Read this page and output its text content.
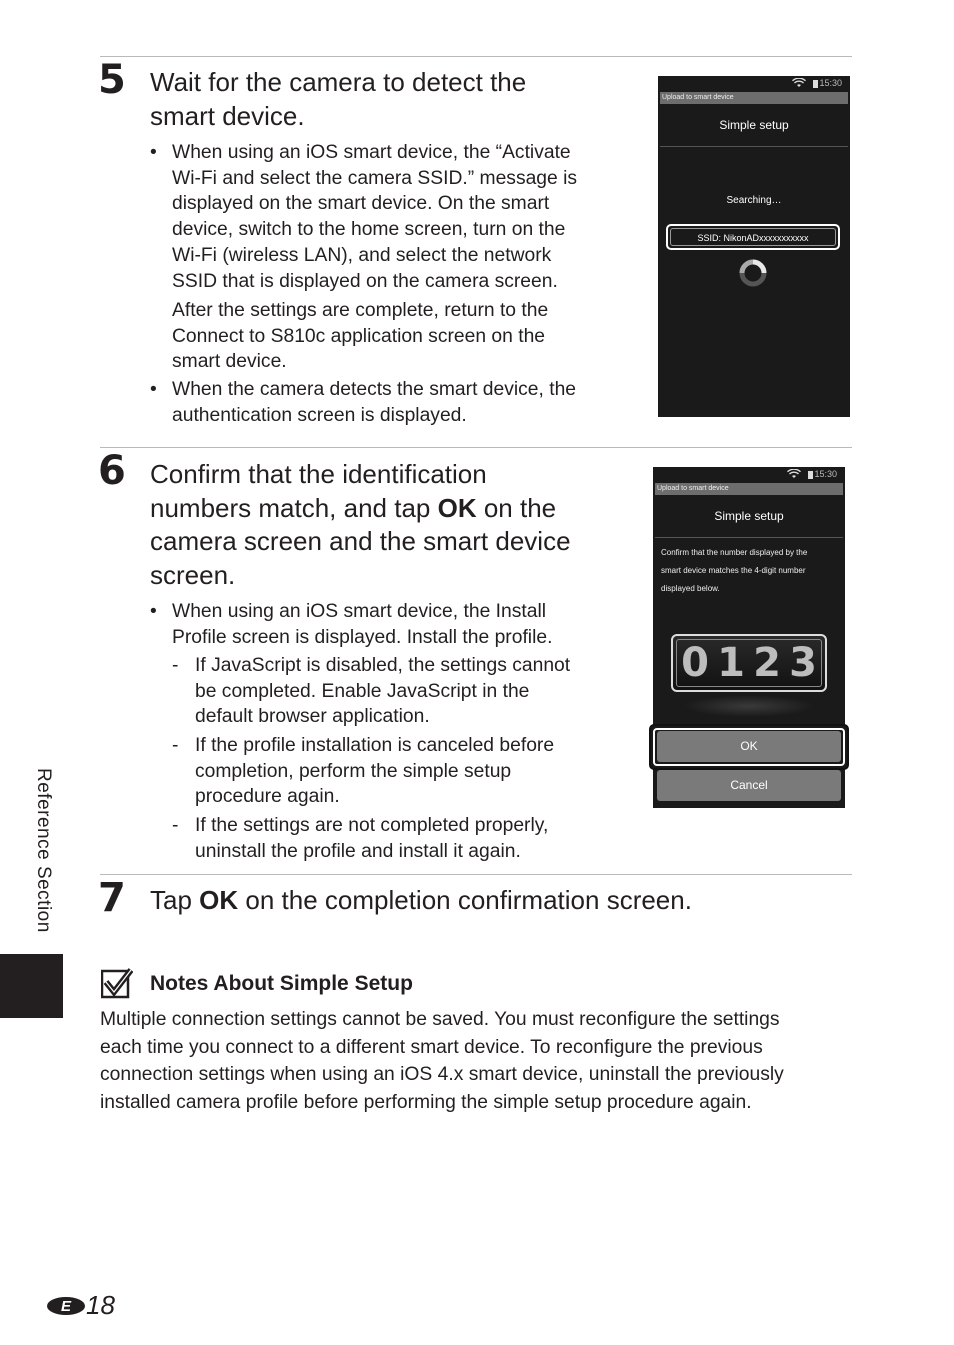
5 Wait for the camera to detect the
smart device.
• When using an iOS smart device, the “Activate
Wi-Fi and select the camera SSID.” message is
displayed on the smart device. On the smart
device, switch to the home screen, turn on the
Wi-Fi (wireless LAN), and select the network
SSID that is displayed on the camera screen.
After the settings are complete, return to the
Connect to S810c application screen on the
smart device.
• When the camera detects the smart device, the
authentication screen is displayed.
15:30
Upload to smart device
Simple setup
Searching…
SSID: NikonADxxxxxxxxxxx
6 Confirm that the identification
numbers match, and tap OK on the
camera screen and the smart device
screen.
• When using an iOS smart device, the Install
Profile screen is displayed. Install the profile.
- If JavaScript is disabled, the settings cannot
be completed. Enable JavaScript in the
default browser application.
- If the profile installation is canceled before
completion, perform the simple setup
procedure again.
- If the settings are not completed properly,
uninstall the profile and install it again.
15:30
Upload to smart device
Simple setup
Confirm that the number displayed by the
smart device matches the 4-digit number
displayed below.
0 1 2 3
OK
Cancel
7 Tap OK on the completion confirmation screen.
Notes About Simple Setup
Multiple connection settings cannot be saved. You must reconfigure the settings
each time you connect to a different smart device. To reconfigure the previous
connection settings when using an iOS 4.x smart device, uninstall the previously
installed camera profile before performing the simple setup procedure again.
Reference Section
E 18
